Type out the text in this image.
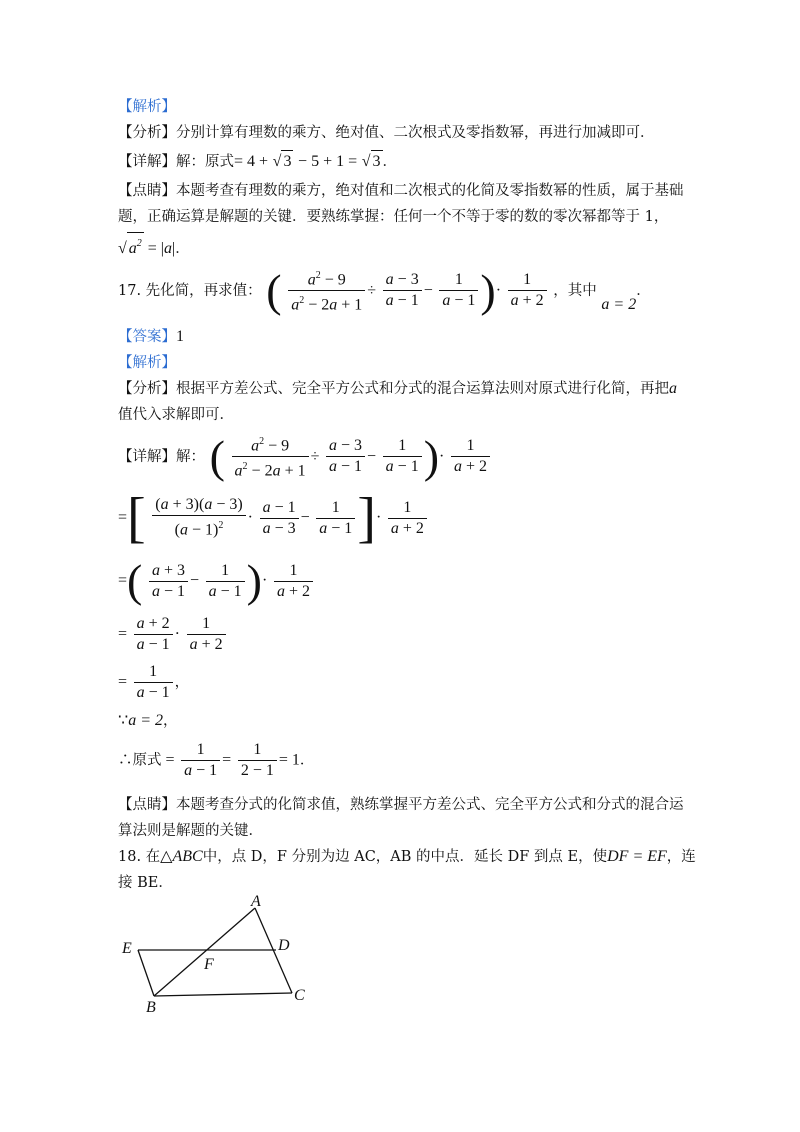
【解析】
【分析】分别计算有理数的乘方、绝对值、二次根式及零指数幂，再进行加减即可．
【详解】解：原式= 4 + √ 3 − 5 + 1 = √ 3 ．
【点睛】本题考查有理数的乘方，绝对值和二次根式的化简及零指数幂的性质，属于基础
题，正确运算是解题的关键．要熟练掌握：任何一个不等于零的数的零次幂都等于 1，
√ $a^2 = |a|$．
17. 先化简，再求值： ( $\frac{a^2 - 9}{a^2 - 2a + 1} \div \frac{a - 3}{a - 1} - \frac{1}{a - 1}$ )· $\frac{1}{a + 2}$ ，其中 a = 2．
【答案】1
【解析】
【分析】根据平方差公式、完全平方公式和分式的混合运算法则对原式进行化简，再把a
值代入求解即可．
【详解】解： ( $\frac{a^2 - 9}{a^2 - 2a + 1} \div \frac{a - 3}{a - 1} - \frac{1}{a - 1}$ )· $\frac{1}{a + 2}$
=[ $\frac{(a + 3)(a - 3)}{(a - 1)^2} \cdot \frac{a - 1}{a - 3} - \frac{1}{a - 1}$ ]· $\frac{1}{a + 2}$
=( $\frac{a + 3}{a - 1} - \frac{1}{a - 1}$ )· $\frac{1}{a + 2}$
= $\frac{a + 2}{a - 1} \cdot \frac{1}{a + 2}$
= $\frac{1}{a - 1}$ ，
∵a = 2，
∴原式 = $\frac{1}{a - 1} = \frac{1}{2 - 1} = 1$．
【点睛】本题考查分式的化简求值，熟练掌握平方差公式、完全平方公式和分式的混合运
算法则是解题的关键．
18. 在△ABC中，点 D，F 分别为边 AC，AB 的中点．延长 DF 到点 E，使DF = EF，连
接 BE．
A
B
C
D
E
F
